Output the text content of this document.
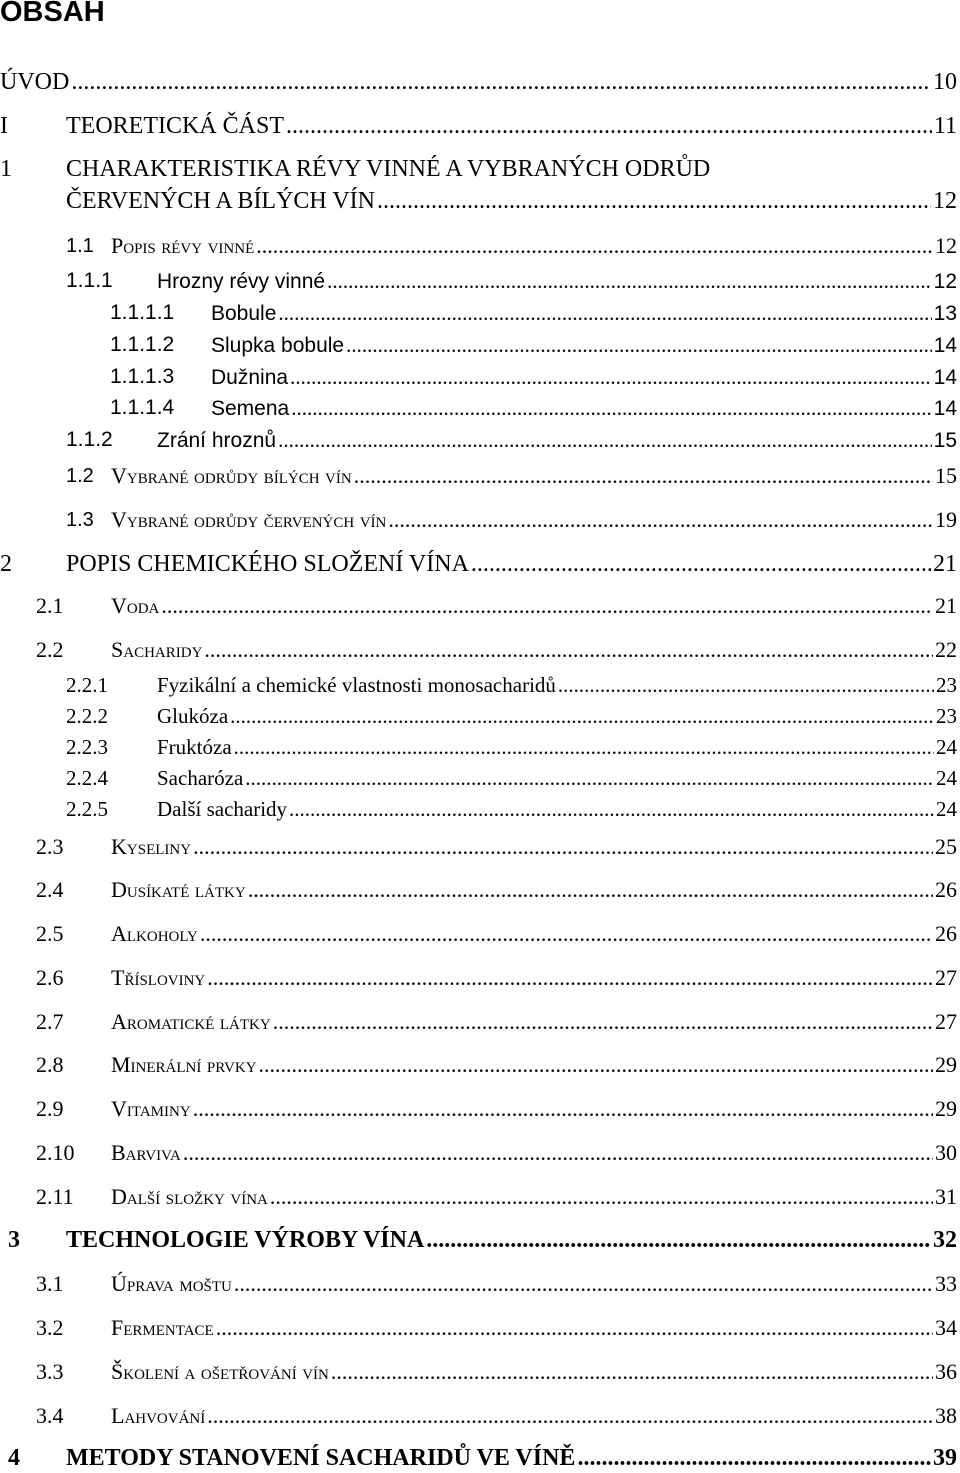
OBSAH
ÚVOD .....	10
I TEORETICKÁ ČÁST .....	11
1 CHARAKTERISTIKA RÉVY VINNÉ A VYBRANÝCH ODRŮD
ČERVENÝCH A BÍLÝCH VÍN .....	12
1.1 Popis révy vinné .....	12
1.1.1 Hrozny révy vinné .....	12
1.1.1.1 Bobule .....	13
1.1.1.2 Slupka bobule .....	14
1.1.1.3 Dužnina .....	14
1.1.1.4 Semena .....	14
1.1.2 Zrání hroznů .....	15
1.2 Vybrané odrůdy bílých vín .....	15
1.3 Vybrané odrůdy červených vín .....	19
2 POPIS CHEMICKÉHO SLOŽENÍ VÍNA .....	21
2.1 Voda .....	21
2.2 Sacharidy .....	22
2.2.1 Fyzikální a chemické vlastnosti monosacharidů .....	23
2.2.2 Glukóza .....	23
2.2.3 Fruktóza .....	24
2.2.4 Sacharóza .....	24
2.2.5 Další sacharidy .....	24
2.3 Kyseliny .....	25
2.4 Dusíkaté látky .....	26
2.5 Alkoholy .....	26
2.6 Třísloviny .....	27
2.7 Aromatické látky .....	27
2.8 Minerální prvky .....	29
2.9 Vitaminy .....	29
2.10 Barviva .....	30
2.11 Další složky vína .....	31
3 TECHNOLOGIE VÝROBY VÍNA .....	32
3.1 Úprava moštu .....	33
3.2 Fermentace .....	34
3.3 Školení a ošetřování vín .....	36
3.4 Lahvování .....	38
4 METODY STANOVENÍ SACHARIDŮ VE VÍNĚ .....	39
